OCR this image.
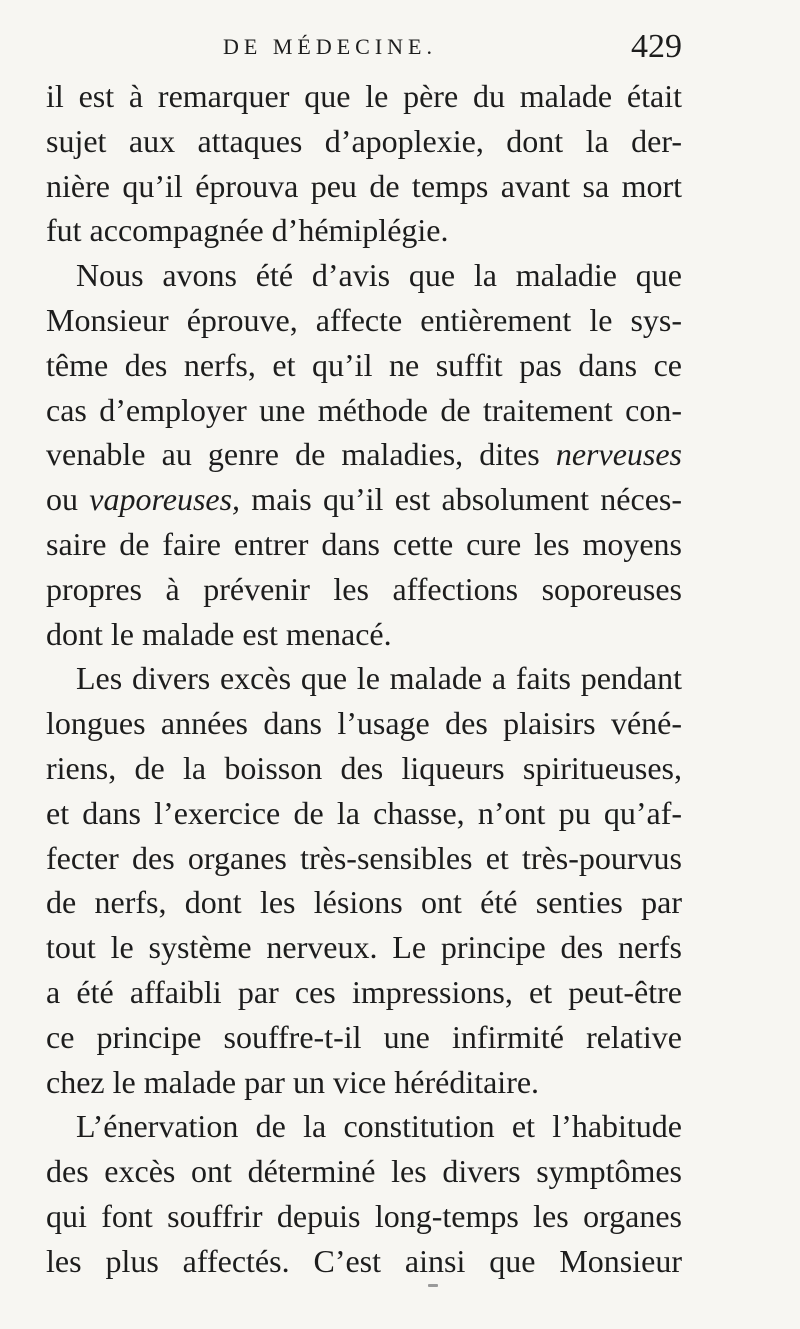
DE MÉDECINE.	429
il est à remarquer que le père du malade était
sujet aux attaques d’apoplexie, dont la der-
nière qu’il éprouva peu de temps avant sa mort
fut accompagnée d’hémiplégie.
Nous avons été d’avis que la maladie que
Monsieur éprouve, affecte entièrement le sys-
tême des nerfs, et qu’il ne suffit pas dans ce
cas d’employer une méthode de traitement con-
venable au genre de maladies, dites nerveuses
ou vaporeuses, mais qu’il est absolument néces-
saire de faire entrer dans cette cure les moyens
propres à prévenir les affections soporeuses
dont le malade est menacé.
Les divers excès que le malade a faits pendant
longues années dans l’usage des plaisirs véné-
riens, de la boisson des liqueurs spiritueuses,
et dans l’exercice de la chasse, n’ont pu qu’af-
fecter des organes très-sensibles et très-pourvus
de nerfs, dont les lésions ont été senties par
tout le système nerveux. Le principe des nerfs
a été affaibli par ces impressions, et peut-être
ce principe souffre-t-il une infirmité relative
chez le malade par un vice héréditaire.
L’énervation de la constitution et l’habitude
des excès ont déterminé les divers symptômes
qui font souffrir depuis long-temps les organes
les plus affectés. C’est ainsi que Monsieur
